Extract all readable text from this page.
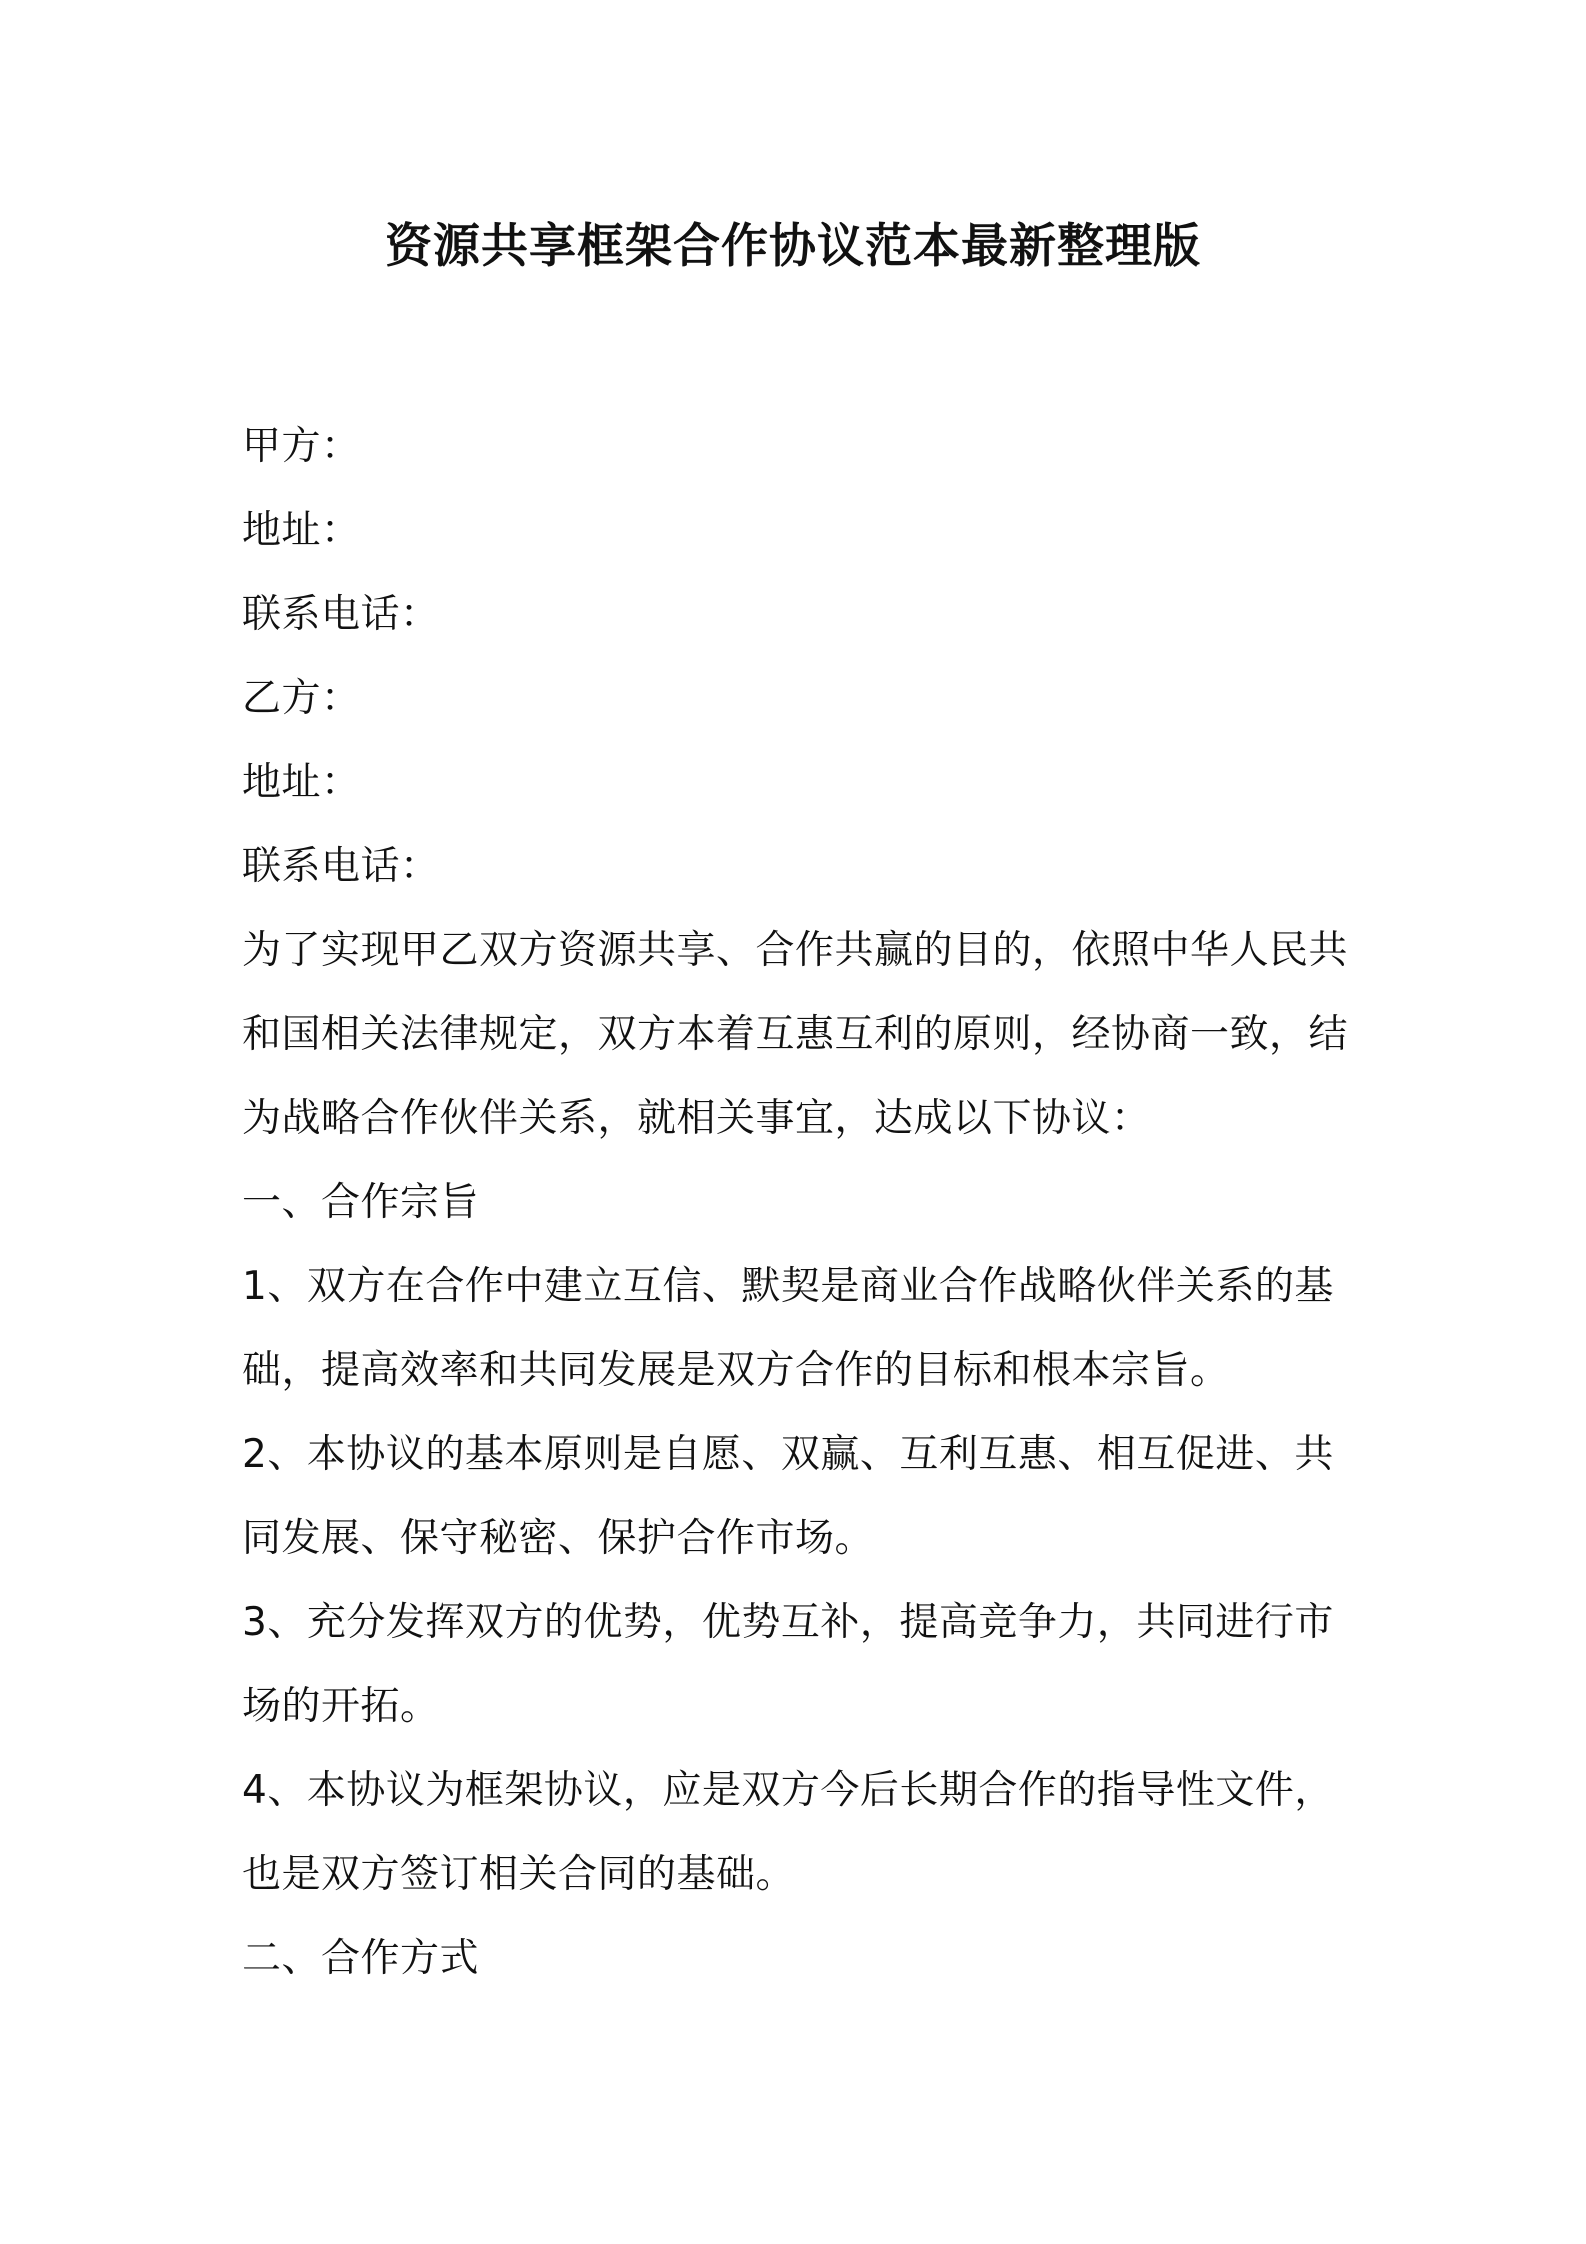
资源共享框架合作协议范本最新整理版
甲方：
地址：
联系电话：
乙方：
地址：
联系电话：
为了实现甲乙双方资源共享、合作共赢的目的，依照中华人民共
和国相关法律规定，双方本着互惠互利的原则，经协商一致，结
为战略合作伙伴关系，就相关事宜，达成以下协议：
一、合作宗旨
1、双方在合作中建立互信、默契是商业合作战略伙伴关系的基
础，提高效率和共同发展是双方合作的目标和根本宗旨。
2、本协议的基本原则是自愿、双赢、互利互惠、相互促进、共
同发展、保守秘密、保护合作市场。
3、充分发挥双方的优势，优势互补，提高竞争力，共同进行市
场的开拓。
4、本协议为框架协议，应是双方今后长期合作的指导性文件，
也是双方签订相关合同的基础。
二、合作方式
